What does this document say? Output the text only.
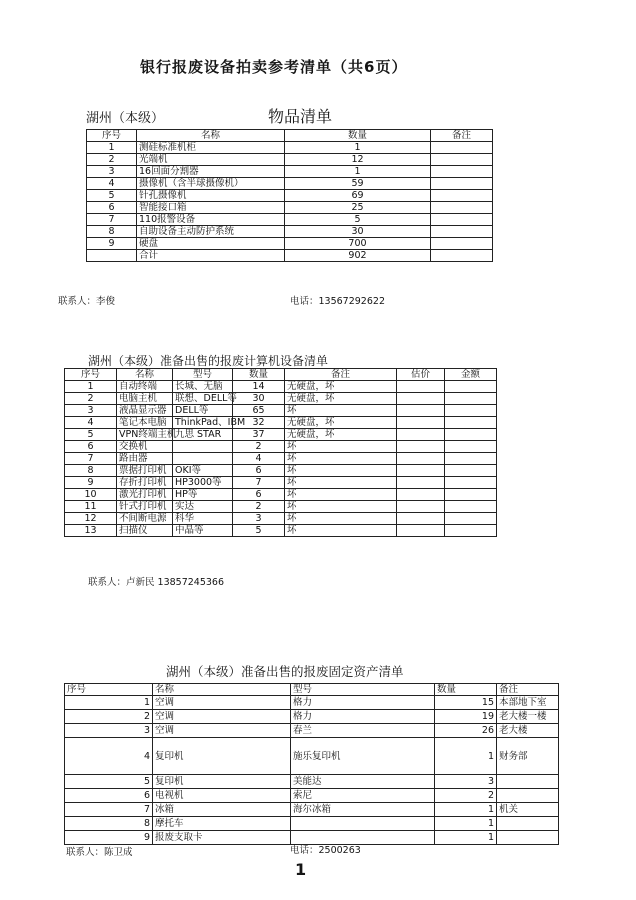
银行报废设备拍卖参考清单（共6页）
湖州（本级）	物品清单
序号	名称	数量	备注
1	测硅标准机柜	1	
2	光端机	12	
3	16回面分割器	1	
4	摄像机（含半球摄像机）	59	
5	针孔摄像机	69	
6	智能接口箱	25	
7	110报警设备	5	
8	自助设备主动防护系统	30	
9	硬盘	700	
	合计	902	
联系人：李俊	电话：13567292622
湖州（本级）准备出售的报废计算机设备清单
序号	名称	型号	数量	备注	估价	金额
1	自动终端	长城、无脑	14	无硬盘，坏		
2	电脑主机	联想、DELL等	30	无硬盘，坏		
3	液晶显示器	DELL等	65	坏		
4	笔记本电脑	ThinkPad、IBM	32	无硬盘，坏		
5	VPN终端主机	九思 STAR	37	无硬盘，坏		
6	交换机		2	坏		
7	路由器		4	坏		
8	票据打印机	OKI等	6	坏		
9	存折打印机	HP3000等	7	坏		
10	激光打印机	HP等	6	坏		
11	针式打印机	实达	2	坏		
12	不间断电源	科华	3	坏		
13	扫描仪	中晶等	5	坏		
联系人：卢新民 13857245366
湖州（本级）准备出售的报废固定资产清单
序号	名称	型号	数量	备注
1	空调	格力	15	本部地下室
2	空调	格力	19	老大楼一楼
3	空调	春兰	26	老大楼
4	复印机	施乐复印机	1	财务部
5	复印机	美能达	3	
6	电视机	索尼	2	
7	冰箱	海尔冰箱	1	机关
8	摩托车		1	
9	报废支取卡		1	
联系人：陈卫成	电话：2500263
1
